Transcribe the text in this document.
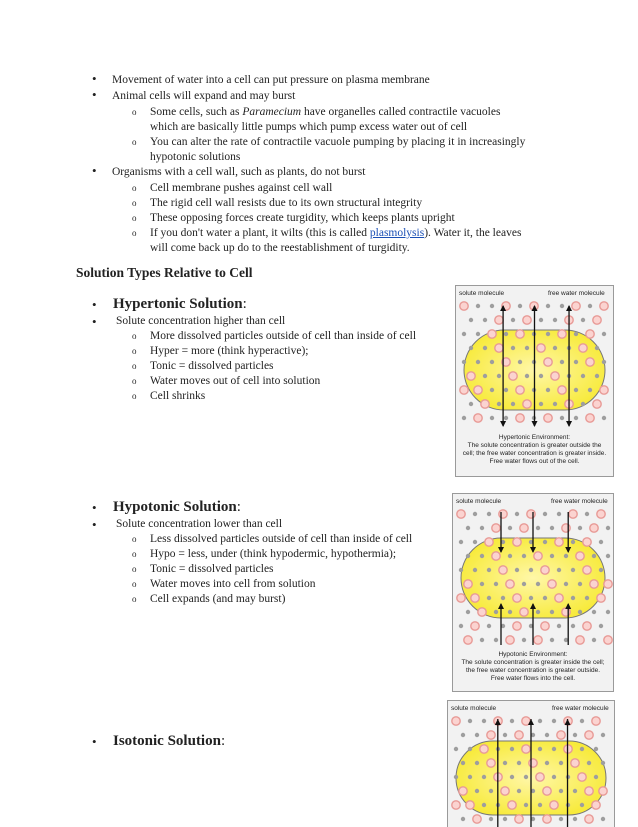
• Movement of water into a cell can put pressure on plasma membrane
• Animal cells will expand and may burst
o Some cells, such as Paramecium have organelles called contractile vacuoles
which are basically little pumps which pump excess water out of cell
o You can alter the rate of contractile vacuole pumping by placing it in increasingly
hypotonic solutions
• Organisms with a cell wall, such as plants, do not burst
o Cell membrane pushes against cell wall
o The rigid cell wall resists due to its own structural integrity
o These opposing forces create turgidity, which keeps plants upright
o If you don't water a plant, it wilts (this is called plasmolysis). Water it, the leaves
will come back up do to the reestablishment of turgidity.
Solution Types Relative to Cell
• Hypertonic Solution:
• Solute concentration higher than cell
o More dissolved particles outside of cell than inside of cell
o Hyper = more (think hyperactive);
o Tonic = dissolved particles
o Water moves out of cell into solution
o Cell shrinks
solute molecule	free water molecule
Hypertonic Environment:
The solute concentration is greater outside the
cell; the free water concentration is greater inside.
Free water flows out of the cell.
• Hypotonic Solution:
• Solute concentration lower than cell
o Less dissolved particles outside of cell than inside of cell
o Hypo = less, under (think hypodermic, hypothermia);
o Tonic = dissolved particles
o Water moves into cell from solution
o Cell expands (and may burst)
solute molecule	free water molecule
Hypotonic Environment:
The solute concentration is greater inside the cell;
the free water concentration is greater outside.
Free water flows into the cell.
• Isotonic Solution:
solute molecule	free water molecule
